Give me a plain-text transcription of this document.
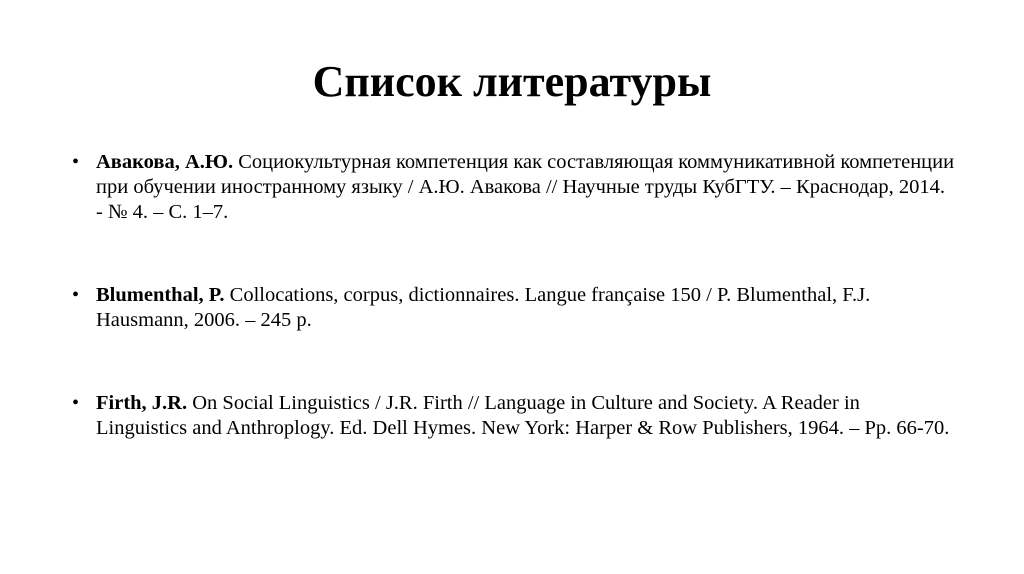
Список литературы
• Авакова, А.Ю. Социокультурная компетенция как составляющая коммуникативной компетенции при обучении иностранному языку / А.Ю. Авакова // Научные труды КубГТУ. – Краснодар, 2014. - № 4. – С. 1–7.
• Blumenthal, P. Collocations, corpus, dictionnaires. Langue française 150 / P. Blumenthal, F.J. Hausmann, 2006. – 245 p.
• Firth, J.R. On Social Linguistics / J.R. Firth // Language in Culture and Society. A Reader in Linguistics and Anthroplogy. Ed. Dell Hymes. New York: Harper & Row Publishers, 1964. – Pp. 66-70.
